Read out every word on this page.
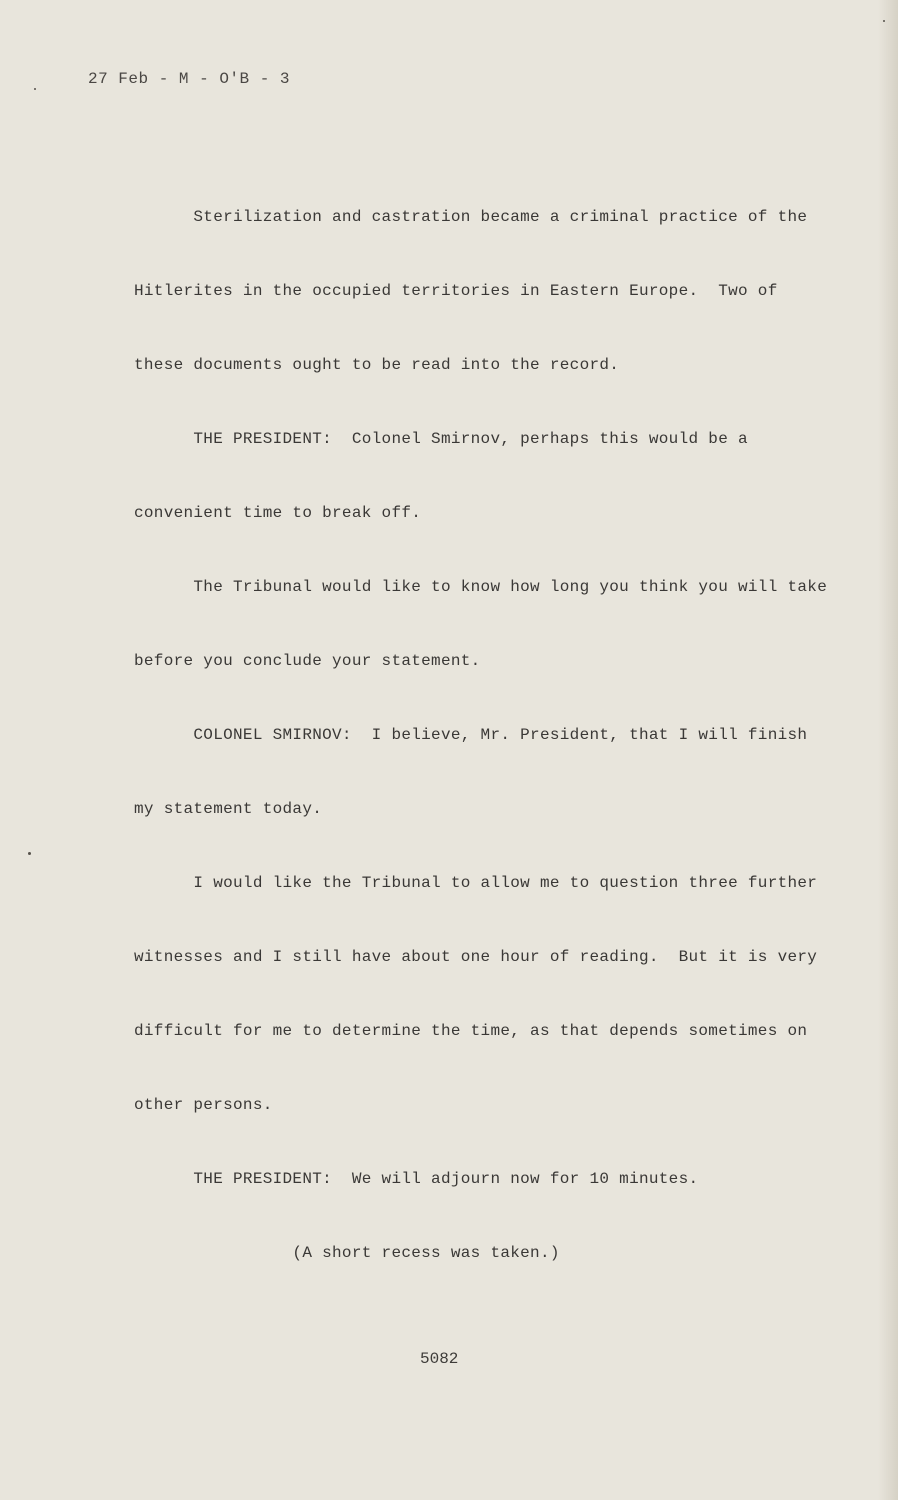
27 Feb - M - O'B - 3

Sterilization and castration became a criminal practice of the

Hitlerites in the occupied territories in Eastern Europe.  Two of

these documents ought to be read into the record.

THE PRESIDENT:  Colonel Smirnov, perhaps this would be a

convenient time to break off.

The Tribunal would like to know how long you think you will take

before you conclude your statement.

COLONEL SMIRNOV:  I believe, Mr. President, that I will finish

my statement today.

I would like the Tribunal to allow me to question three further

witnesses and I still have about one hour of reading.  But it is very

difficult for me to determine the time, as that depends sometimes on

other persons.

THE PRESIDENT:  We will adjourn now for 10 minutes.

(A short recess was taken.)

5082
